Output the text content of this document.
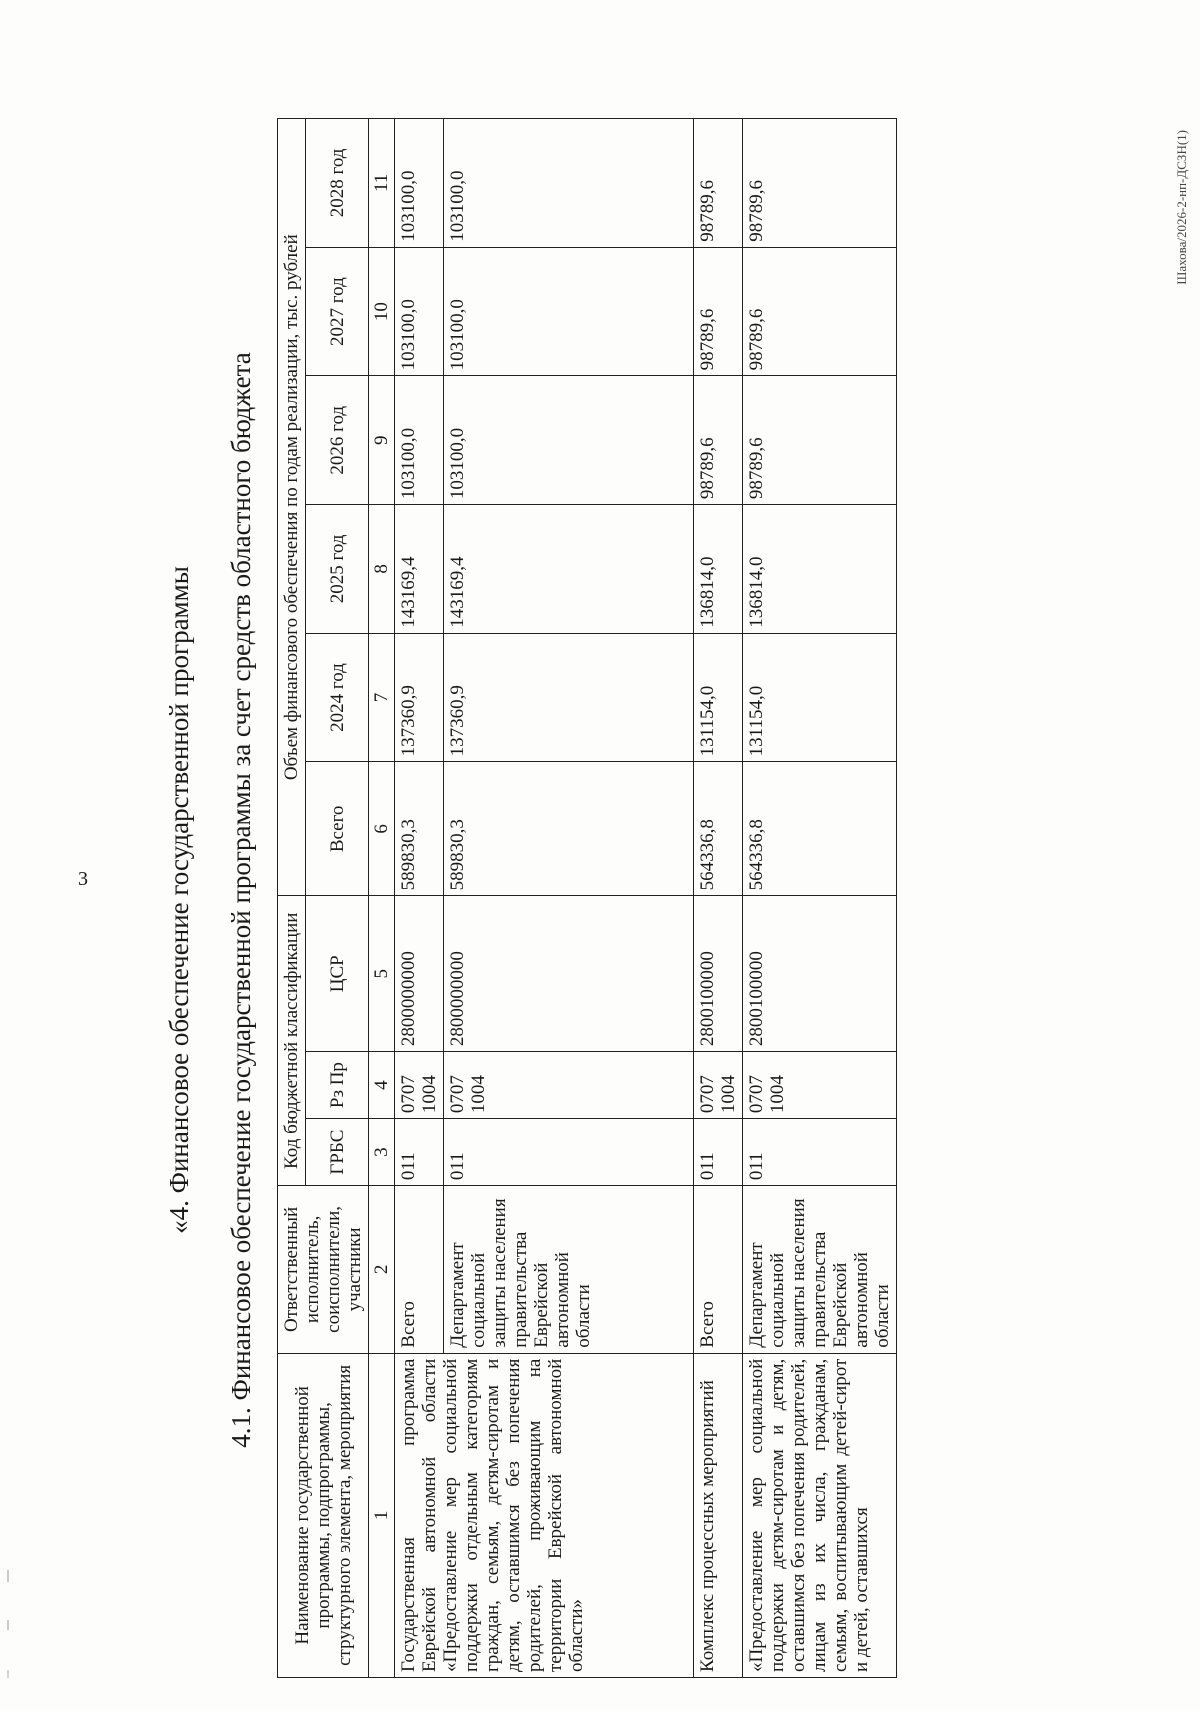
3	«4. Финансовое обеспечение государственной программы 4.1. Финансовое обеспечение государственной программы за счет средств областного бюджета
Наименование государственной программы, подпрограммы, структурного элемента, мероприятия	Ответственный исполнитель, соисполнители, участники	Код бюджетной классификации			Объем финансового обеспечения по годам реализации, тыс. рублей					
		ГРБС	Рз Пр	ЦСР	Всего	2024 год	2025 год	2026 год	2027 год	2028 год

1	2	3	4	5	6	7	8	9	10	11
Государственная программа Еврейской автономной области «Предоставление мер социальной поддержки отдельным категориям граждан, семьям, детям-сиротам и детям, оставшимся без попечения родителей, проживающим на территории Еврейской автономной области»	Всего	011	0707 1004	2800000000	589830,3	137360,9	143169,4	103100,0	103100,0	103100,0
	Департамент социальной защиты населения правительства Еврейской автономной области	011	0707 1004	2800000000	589830,3	137360,9	143169,4	103100,0	103100,0	103100,0
Комплекс процессных мероприятий	Всего	011	0707 1004	2800100000	564336,8	131154,0	136814,0	98789,6	98789,6	98789,6
«Предоставление мер социальной поддержки детям-сиротам и детям, оставшимся без попечения родителей, лицам из их числа, гражданам, семьям, воспитывающим детей-сирот и детей, оставшихся	Департамент социальной защиты населения правительства Еврейской автономной области	011	0707 1004	2800100000	564336,8	131154,0	136814,0	98789,6	98789,6	98789,6	Шахова/2026-2-нп-ДСЗН(1)
